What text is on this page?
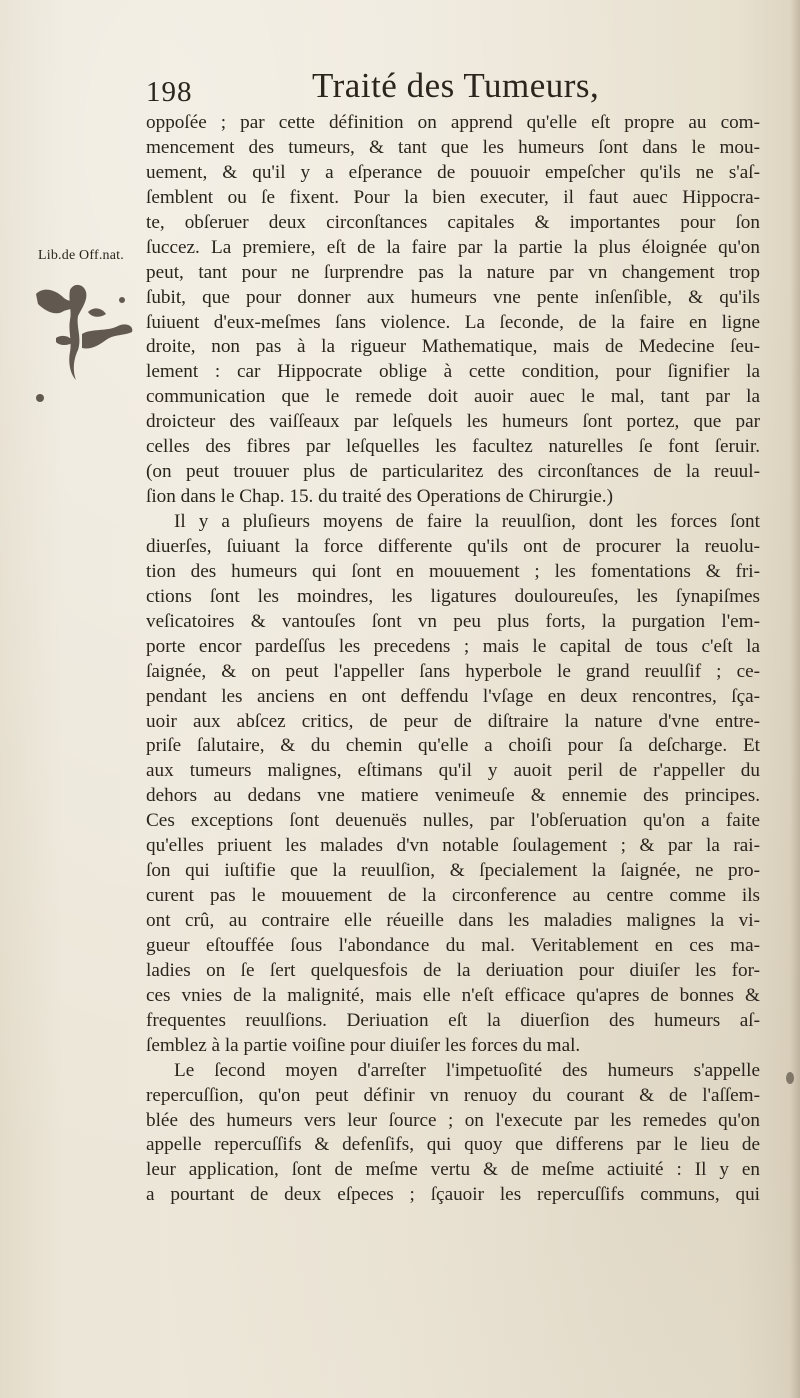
198	Traité des Tumeurs,
Lib.de Off.nat.
oppoſée ; par cette définition on apprend qu'elle eſt propre au com-
mencement des tumeurs, & tant que les humeurs ſont dans le mou-
uement, & qu'il y a eſperance de pouuoir empeſcher qu'ils ne s'aſ-
ſemblent ou ſe fixent. Pour la bien executer, il faut auec Hippocra-
te, obſeruer deux circonſtances capitales & importantes pour ſon
ſuccez. La premiere, eſt de la faire par la partie la plus éloignée qu'on
peut, tant pour ne ſurprendre pas la nature par vn changement trop
ſubit, que pour donner aux humeurs vne pente inſenſible, & qu'ils
ſuiuent d'eux-meſmes ſans violence. La ſeconde, de la faire en ligne
droite, non pas à la rigueur Mathematique, mais de Medecine ſeu-
lement : car Hippocrate oblige à cette condition, pour ſignifier la
communication que le remede doit auoir auec le mal, tant par la
droicteur des vaiſſeaux par leſquels les humeurs ſont portez, que par
celles des fibres par leſquelles les facultez naturelles ſe font ſeruir.
(on peut trouuer plus de particularitez des circonſtances de la reuul-
ſion dans le Chap. 15. du traité des Operations de Chirurgie.)
Il y a pluſieurs moyens de faire la reuulſion, dont les forces ſont
diuerſes, ſuiuant la force differente qu'ils ont de procurer la reuolu-
tion des humeurs qui ſont en mouuement ; les fomentations & fri-
ctions ſont les moindres, les ligatures douloureuſes, les ſynapiſmes
veſicatoires & vantouſes ſont vn peu plus forts, la purgation l'em-
porte encor pardeſſus les precedens ; mais le capital de tous c'eſt la
ſaignée, & on peut l'appeller ſans hyperbole le grand reuulſif ; ce-
pendant les anciens en ont deffendu l'vſage en deux rencontres, ſça-
uoir aux abſcez critics, de peur de diſtraire la nature d'vne entre-
priſe ſalutaire, & du chemin qu'elle a choiſi pour ſa deſcharge. Et
aux tumeurs malignes, eſtimans qu'il y auoit peril de r'appeller du
dehors au dedans vne matiere venimeuſe & ennemie des principes.
Ces exceptions ſont deuenuës nulles, par l'obſeruation qu'on a faite
qu'elles priuent les malades d'vn notable ſoulagement ; & par la rai-
ſon qui iuſtifie que la reuulſion, & ſpecialement la ſaignée, ne pro-
curent pas le mouuement de la circonference au centre comme ils
ont crû, au contraire elle réueille dans les maladies malignes la vi-
gueur eſtouffée ſous l'abondance du mal. Veritablement en ces ma-
ladies on ſe ſert quelquesfois de la deriuation pour diuiſer les for-
ces vnies de la malignité, mais elle n'eſt efficace qu'apres de bonnes &
frequentes reuulſions. Deriuation eſt la diuerſion des humeurs aſ-
ſemblez à la partie voiſine pour diuiſer les forces du mal.
Le ſecond moyen d'arreſter l'impetuoſité des humeurs s'appelle
repercuſſion, qu'on peut définir vn renuoy du courant & de l'aſſem-
blée des humeurs vers leur ſource ; on l'execute par les remedes qu'on
appelle repercuſſifs & defenſifs, qui quoy que differens par le lieu de
leur application, ſont de meſme vertu & de meſme actiuité : Il y en
a pourtant de deux eſpeces ; ſçauoir les repercuſſifs communs, qui
